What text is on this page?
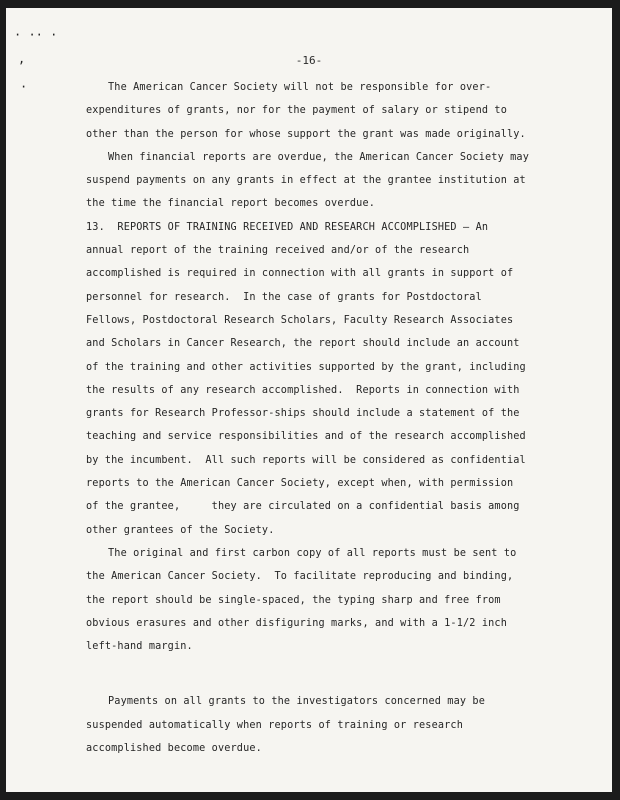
· ·· ·
,
·
-16-

The American Cancer Society will not be responsible for over-expenditures of grants, nor for the payment of salary or stipend to other than the person for whose support the grant was made originally.

When financial reports are overdue, the American Cancer Society may suspend payments on any grants in effect at the grantee institution at the time the financial report becomes overdue.

13.  REPORTS OF TRAINING RECEIVED AND RESEARCH ACCOMPLISHED — An annual report of the training received and/or of the research accomplished is required in connection with all grants in support of personnel for research.  In the case of grants for Postdoctoral Fellows, Postdoctoral Research Scholars, Faculty Research Associates and Scholars in Cancer Research, the report should include an account of the training and other activities supported by the grant, including the results of any research accomplished.  Reports in connection with grants for Research Professor-ships should include a statement of the teaching and service responsibilities and of the research accomplished by the incumbent.  All such reports will be considered as confidential reports to the American Cancer Society, except when, with permission of the grantee,     they are circulated on a confidential basis among other grantees of the Society.

The original and first carbon copy of all reports must be sent to the American Cancer Society.  To facilitate reproducing and binding, the report should be single-spaced, the typing sharp and free from obvious erasures and other disfiguring marks, and with a 1-1/2 inch left-hand margin.

Payments on all grants to the investigators concerned may be suspended automatically when reports of training or research accomplished become overdue.
